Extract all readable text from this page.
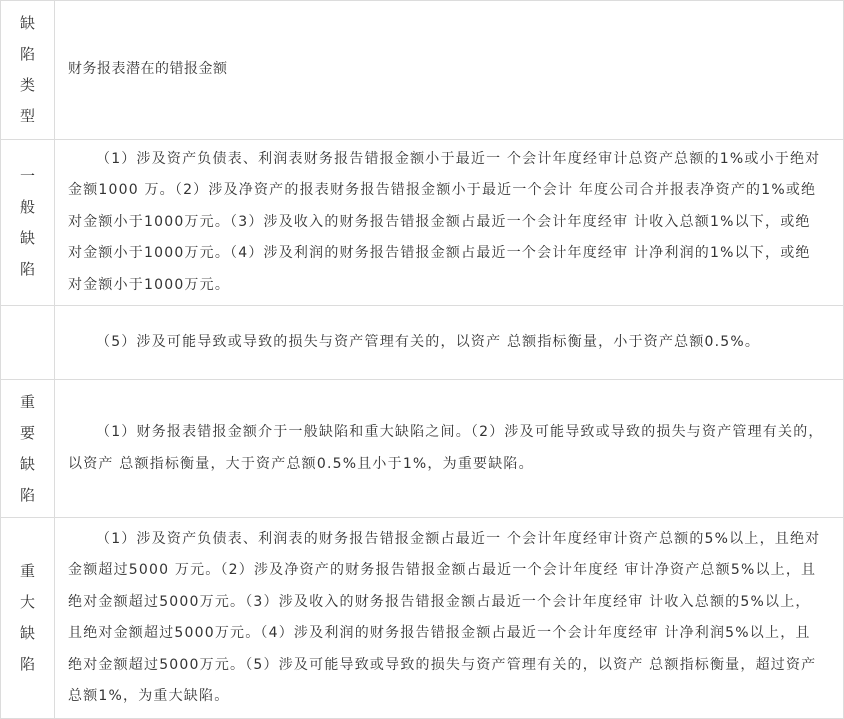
缺陷类型
财务报表潜在的错报金额
一般缺陷
（1）涉及资产负债表、利润表财务报告错报金额小于最近一 个会计年度经审计总资产总额的1%或小于绝对金额1000 万。（2）涉及净资产的报表财务报告错报金额小于最近一个会计 年度公司合并报表净资产的1%或绝对金额小于1000万元。（3）涉及收入的财务报告错报金额占最近一个会计年度经审 计收入总额1%以下，或绝对金额小于1000万元。（4）涉及利润的财务报告错报金额占最近一个会计年度经审 计净利润的1%以下，或绝对金额小于1000万元。
（5）涉及可能导致或导致的损失与资产管理有关的，以资产 总额指标衡量，小于资产总额0.5%。
重要缺陷
（1）财务报表错报金额介于一般缺陷和重大缺陷之间。（2）涉及可能导致或导致的损失与资产管理有关的，以资产 总额指标衡量，大于资产总额0.5%且小于1%，为重要缺陷。
重大缺陷
（1）涉及资产负债表、利润表的财务报告错报金额占最近一 个会计年度经审计资产总额的5%以上，且绝对金额超过5000 万元。（2）涉及净资产的财务报告错报金额占最近一个会计年度经 审计净资产总额5%以上，且绝对金额超过5000万元。（3）涉及收入的财务报告错报金额占最近一个会计年度经审 计收入总额的5%以上，且绝对金额超过5000万元。（4）涉及利润的财务报告错报金额占最近一个会计年度经审 计净利润5%以上，且绝对金额超过5000万元。（5）涉及可能导致或导致的损失与资产管理有关的，以资产 总额指标衡量，超过资产总额1%，为重大缺陷。
